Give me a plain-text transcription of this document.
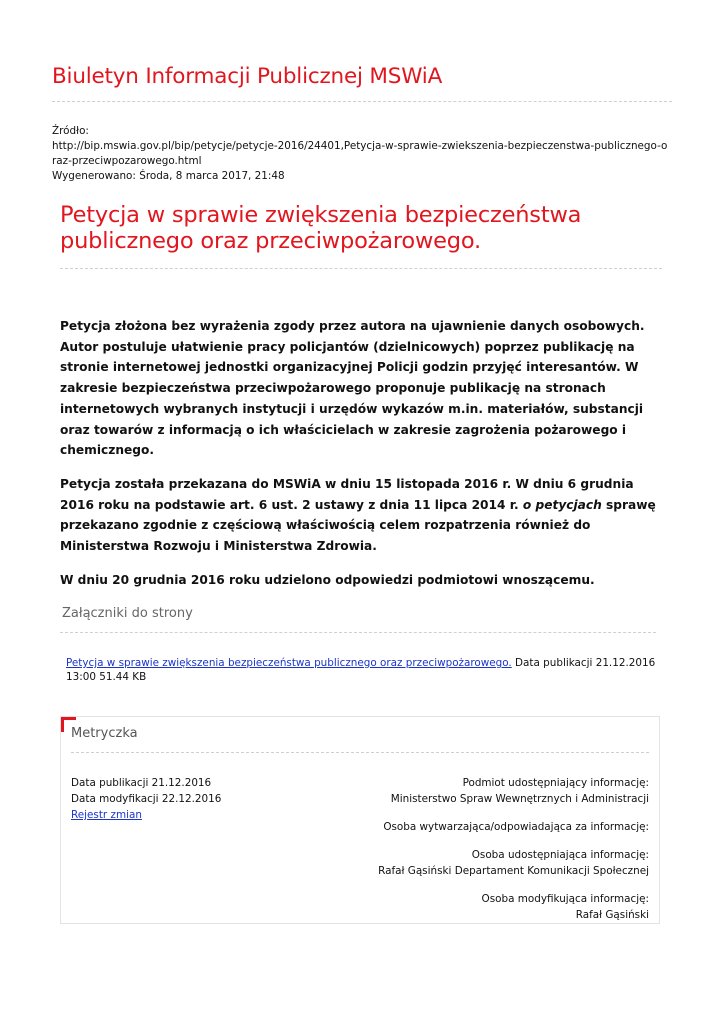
Biuletyn Informacji Publicznej MSWiA
Źródło:
http://bip.mswia.gov.pl/bip/petycje/petycje-2016/24401,Petycja-w-sprawie-zwiekszenia-bezpieczenstwa-publicznego-o
raz-przeciwpozarowego.html
Wygenerowano: Środa, 8 marca 2017, 21:48
Petycja w sprawie zwiększenia bezpieczeństwa publicznego oraz przeciwpożarowego.

Petycja złożona bez wyrażenia zgody przez autora na ujawnienie danych osobowych. Autor postuluje ułatwienie pracy policjantów (dzielnicowych) poprzez publikację na stronie internetowej jednostki organizacyjnej Policji godzin przyjęć interesantów. W zakresie bezpieczeństwa przeciwpożarowego proponuje publikację na stronach internetowych wybranych instytucji i urzędów wykazów m.in. materiałów, substancji oraz towarów z informacją o ich właścicielach w zakresie zagrożenia pożarowego i chemicznego.

Petycja została przekazana do MSWiA w dniu 15 listopada 2016 r. W dniu 6 grudnia 2016 roku na podstawie art. 6 ust. 2 ustawy z dnia 11 lipca 2014 r. o petycjach sprawę przekazano zgodnie z częściową właściwością celem rozpatrzenia również do Ministerstwa Rozwoju i Ministerstwa Zdrowia.

W dniu 20 grudnia 2016 roku udzielono odpowiedzi podmiotowi wnoszącemu.

Załączniki do strony
Petycja w sprawie zwiększenia bezpieczeństwa publicznego oraz przeciwpożarowego. Data publikacji 21.12.2016 13:00 51.44 KB
Metryczka
Data publikacji 21.12.2016
Data modyfikacji 22.12.2016
Rejestr zmian
Podmiot udostępniający informację:
Ministerstwo Spraw Wewnętrznych i Administracji
Osoba wytwarzająca/odpowiadająca za informację:
Osoba udostępniająca informację:
Rafał Gąsiński Departament Komunikacji Społecznej
Osoba modyfikująca informację:
Rafał Gąsiński
